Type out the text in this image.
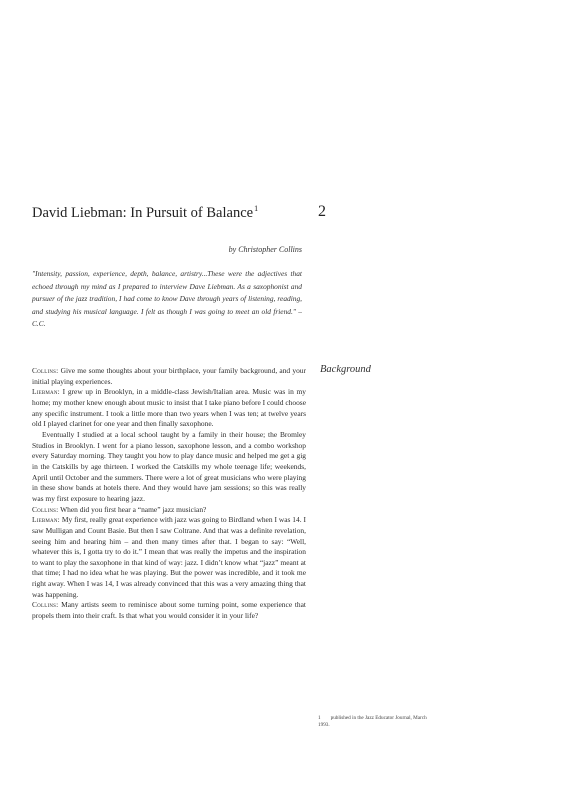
David Liebman: In Pursuit of Balance$^1$	2
by Christopher Collins
"Intensity, passion, experience, depth, balance, artistry...These were the adjectives that echoed through my mind as I prepared to interview Dave Liebman. As a saxophonist and pursuer of the jazz tradition, I had come to know Dave through years of listening, reading, and studying his musical language. I felt as though I was going to meet an old friend." – C.C.
Background

Collins: Give me some thoughts about your birthplace, your family background, and your initial playing experiences.

Liebman: I grew up in Brooklyn, in a middle-class Jewish/Italian area. Music was in my home; my mother knew enough about music to insist that I take piano before I could choose any specific instrument. I took a little more than two years when I was ten; at twelve years old I played clarinet for one year and then finally saxophone.

Eventually I studied at a local school taught by a family in their house; the Bromley Studios in Brooklyn. I went for a piano lesson, saxophone lesson, and a combo workshop every Saturday morning. They taught you how to play dance music and helped me get a gig in the Catskills by age thirteen. I worked the Catskills my whole teenage life; weekends, April until October and the summers. There were a lot of great musicians who were playing in these show bands at hotels there. And they would have jam sessions; so this was really was my first exposure to hearing jazz.

Collins: When did you first hear a “name” jazz musician?

Liebman: My first, really great experience with jazz was going to Birdland when I was 14. I saw Mulligan and Count Basie. But then I saw Coltrane. And that was a definite revelation, seeing him and hearing him – and then many times after that. I began to say: “Well, whatever this is, I gotta try to do it.” I mean that was really the impetus and the inspiration to want to play the saxophone in that kind of way: jazz. I didn’t know what “jazz” meant at that time; I had no idea what he was playing. But the power was incredible, and it took me right away. When I was 14, I was already convinced that this was a very amazing thing that was happening.

Collins: Many artists seem to reminisce about some turning point, some experience that propels them into their craft. Is that what you would consider it in your life?

1 published in the Jazz Educator Journal, March 1993.
